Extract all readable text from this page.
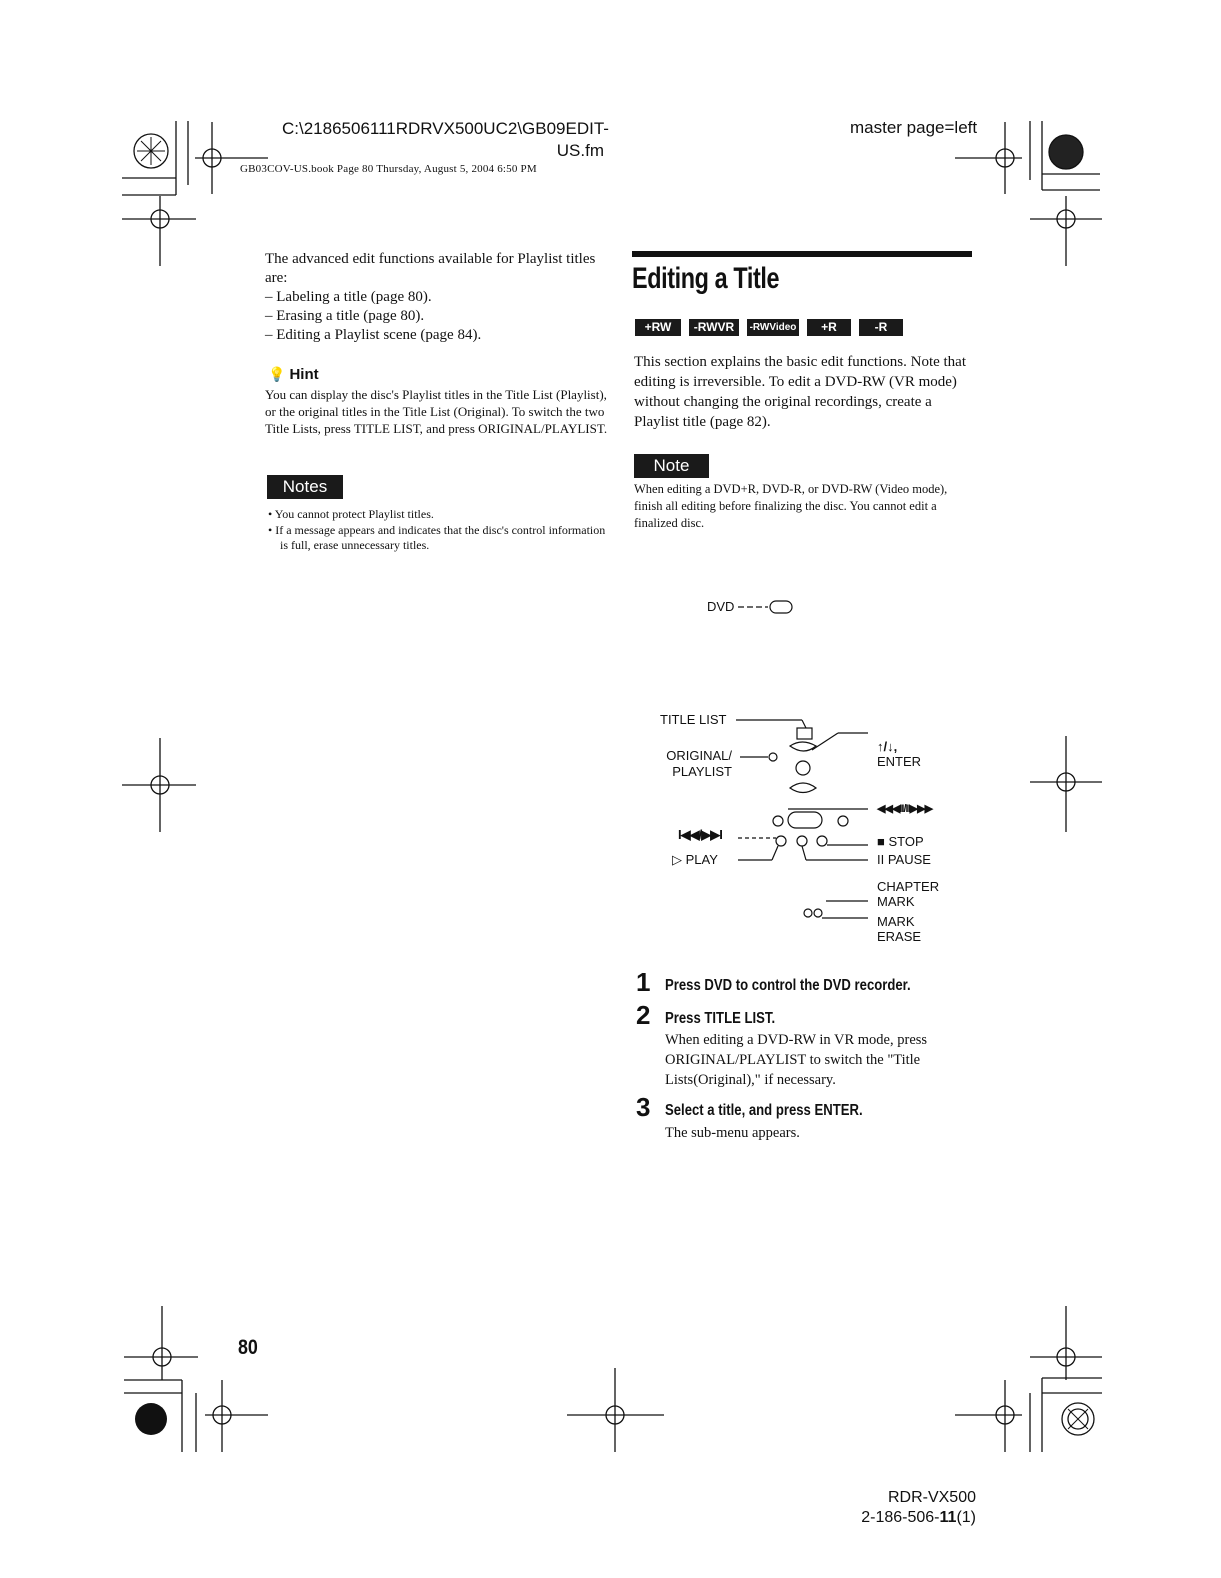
C:\2186506111RDRVX500UC2\GB09EDIT-
US.fm
GB03COV-US.book Page 80 Thursday, August 5, 2004 6:50 PM
master page=left

The advanced edit functions available for Playlist titles are:

– Labeling a title (page 80).
– Erasing a title (page 80).
– Editing a Playlist scene (page 84).
💡 Hint
You can display the disc's Playlist titles in the Title List (Playlist), or the original titles in the Title List (Original). To switch the two Title Lists, press TITLE LIST, and press ORIGINAL/PLAYLIST.
Notes
• You cannot protect Playlist titles.
• If a message appears and indicates that the disc's control information is full, erase unnecessary titles.
Editing a Title
+RW	-RWVR	-RWVideo	+R	-R
This section explains the basic edit functions. Note that editing is irreversible. To edit a DVD-RW (VR mode) without changing the original recordings, create a Playlist title (page 82).
Note
When editing a DVD+R, DVD-R, or DVD-RW (Video mode), finish all editing before finalizing the disc. You cannot edit a finalized disc.
DVD
TITLE LIST
ORIGINAL/
PLAYLIST
↑/↓,
ENTER
◀◀◀II/II▶▶▶
I◀◀/▶▶I	■ STOP
▷ PLAY	II PAUSE
CHAPTER
MARK
MARK
ERASE
1 Press DVD to control the DVD recorder.
2 Press TITLE LIST.
When editing a DVD-RW in VR mode, press ORIGINAL/PLAYLIST to switch the "Title Lists(Original)," if necessary.
3 Select a title, and press ENTER.
The sub-menu appears.
80
RDR-VX500
2-186-506-11(1)
